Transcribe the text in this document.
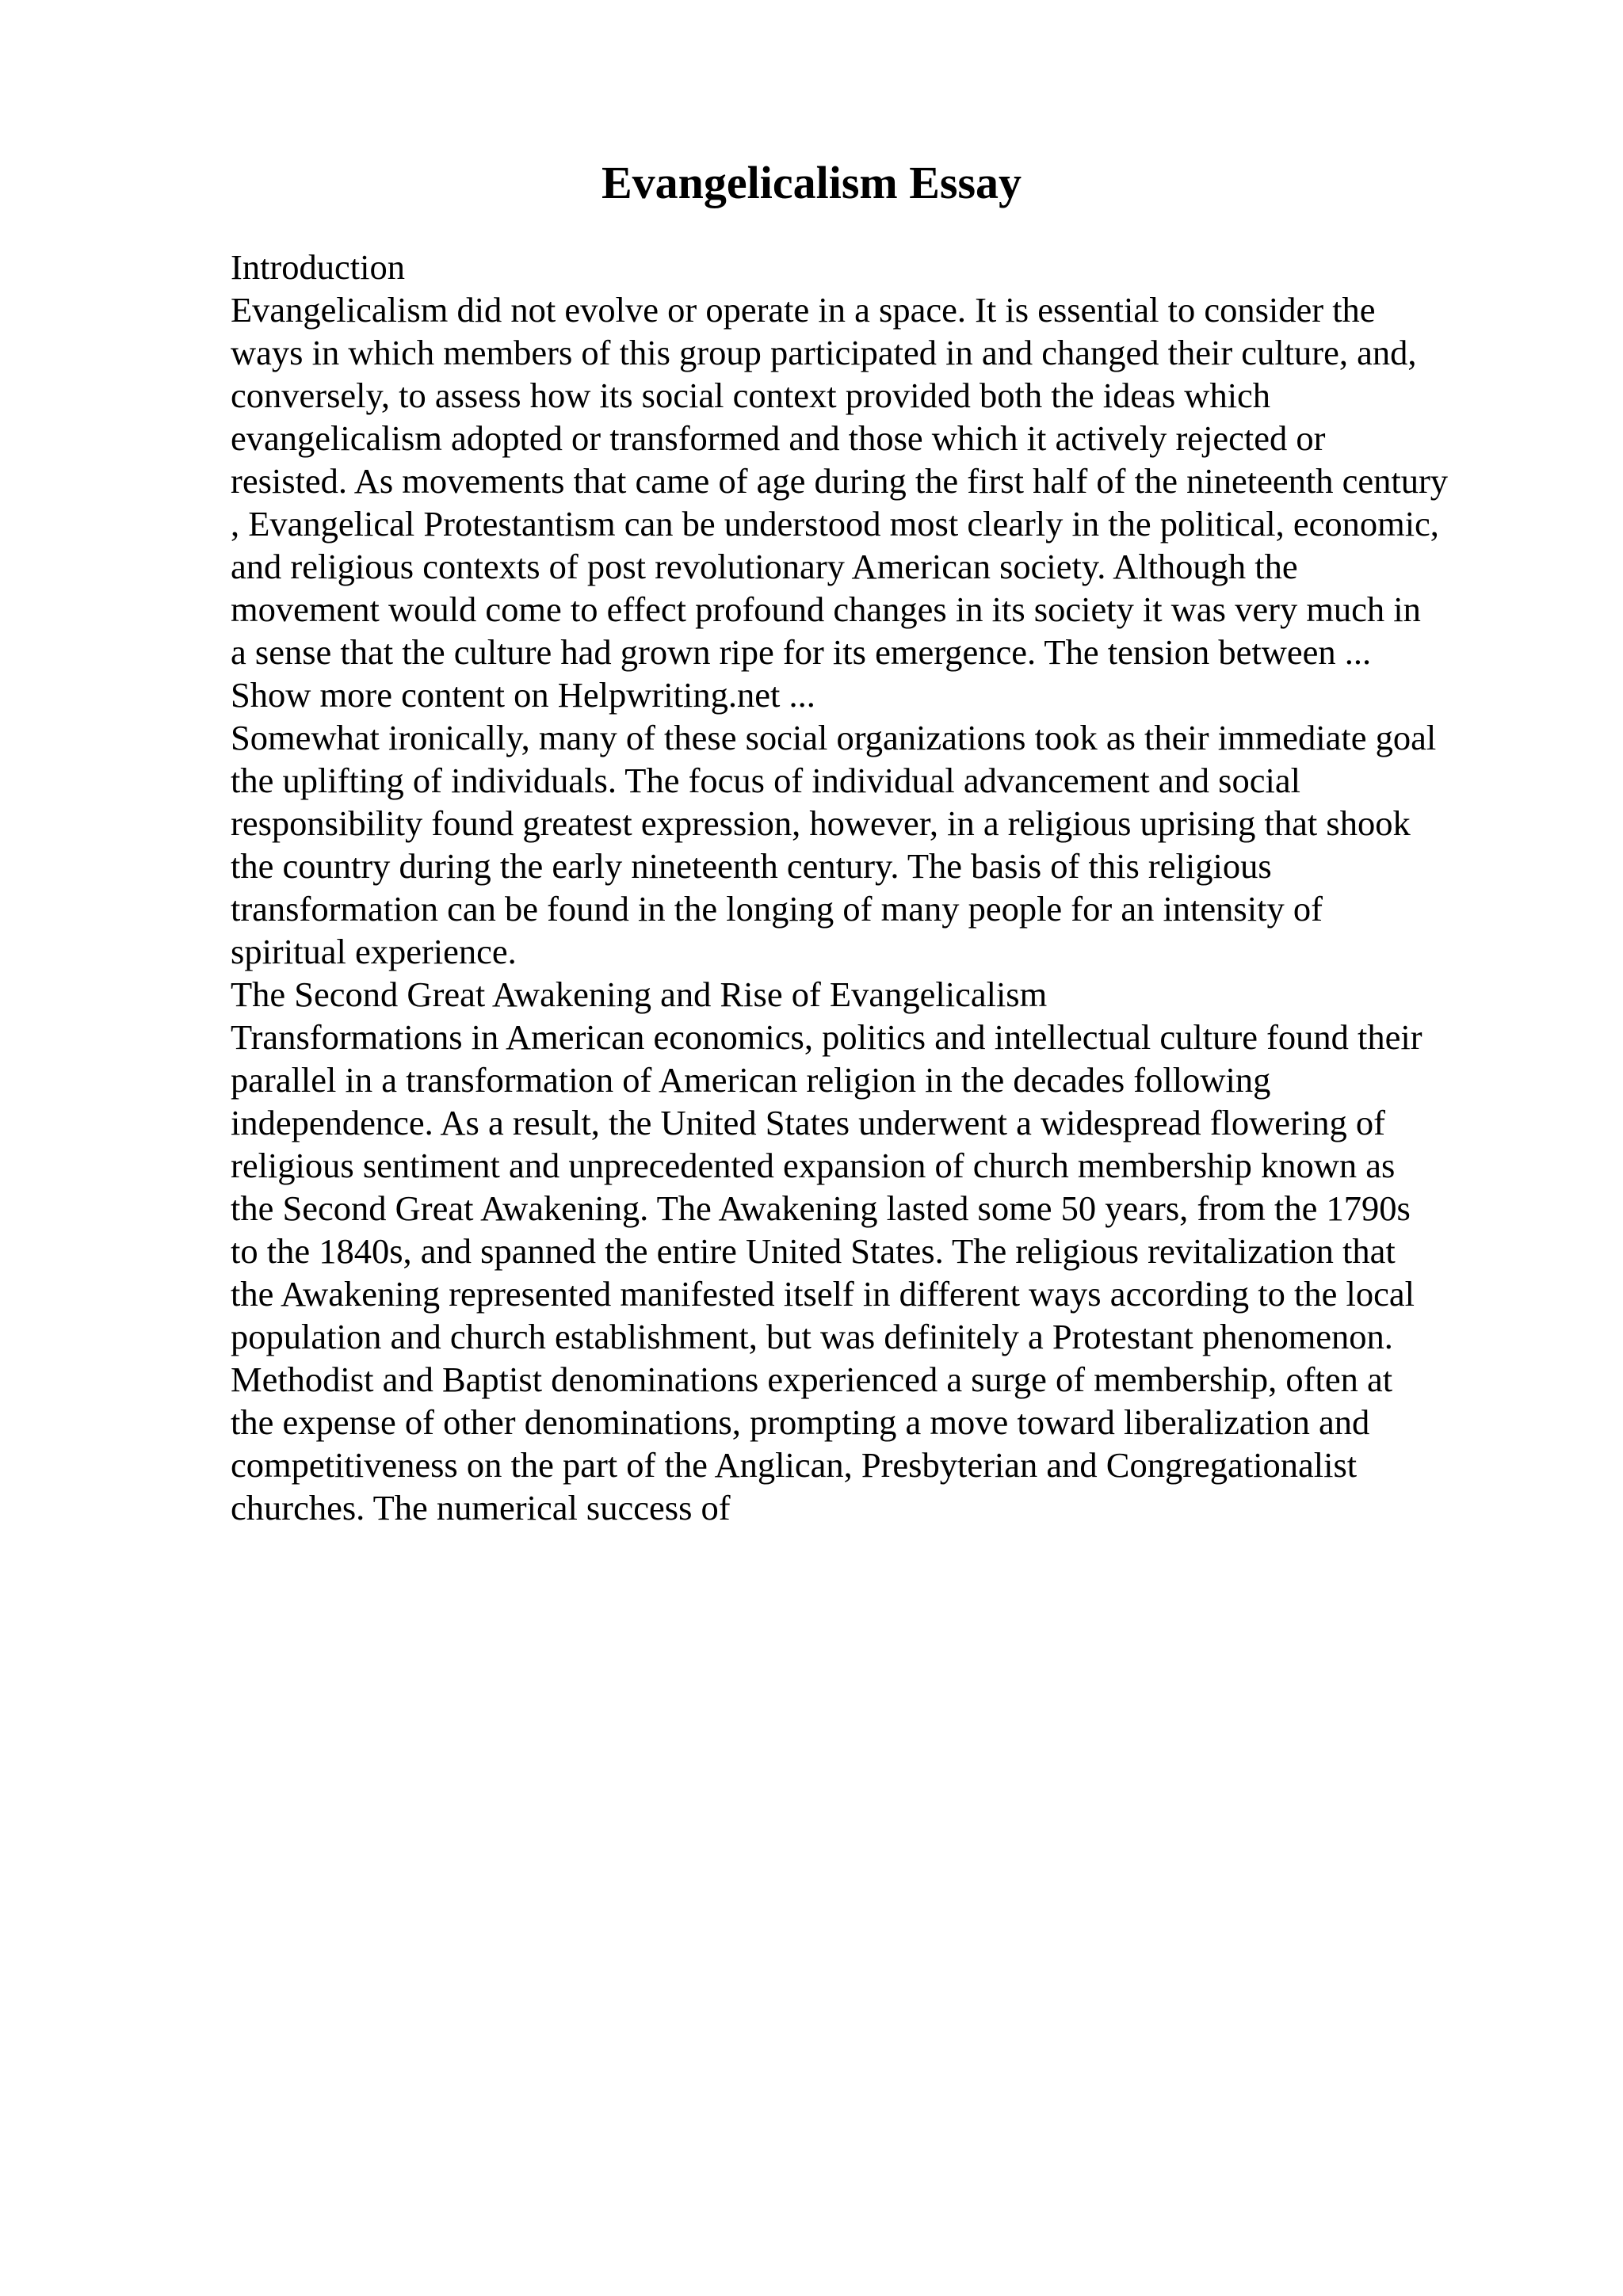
Evangelicalism Essay
Introduction
Evangelicalism did not evolve or operate in a space. It is essential to consider the
ways in which members of this group participated in and changed their culture, and,
conversely, to assess how its social context provided both the ideas which
evangelicalism adopted or transformed and those which it actively rejected or
resisted. As movements that came of age during the first half of the nineteenth century
, Evangelical Protestantism can be understood most clearly in the political, economic,
and religious contexts of post revolutionary American society. Although the
movement would come to effect profound changes in its society it was very much in
a sense that the culture had grown ripe for its emergence. The tension between ...
Show more content on Helpwriting.net ...
Somewhat ironically, many of these social organizations took as their immediate goal
the uplifting of individuals. The focus of individual advancement and social
responsibility found greatest expression, however, in a religious uprising that shook
the country during the early nineteenth century. The basis of this religious
transformation can be found in the longing of many people for an intensity of
spiritual experience.
The Second Great Awakening and Rise of Evangelicalism
Transformations in American economics, politics and intellectual culture found their
parallel in a transformation of American religion in the decades following
independence. As a result, the United States underwent a widespread flowering of
religious sentiment and unprecedented expansion of church membership known as
the Second Great Awakening. The Awakening lasted some 50 years, from the 1790s
to the 1840s, and spanned the entire United States. The religious revitalization that
the Awakening represented manifested itself in different ways according to the local
population and church establishment, but was definitely a Protestant phenomenon.
Methodist and Baptist denominations experienced a surge of membership, often at
the expense of other denominations, prompting a move toward liberalization and
competitiveness on the part of the Anglican, Presbyterian and Congregationalist
churches. The numerical success of
